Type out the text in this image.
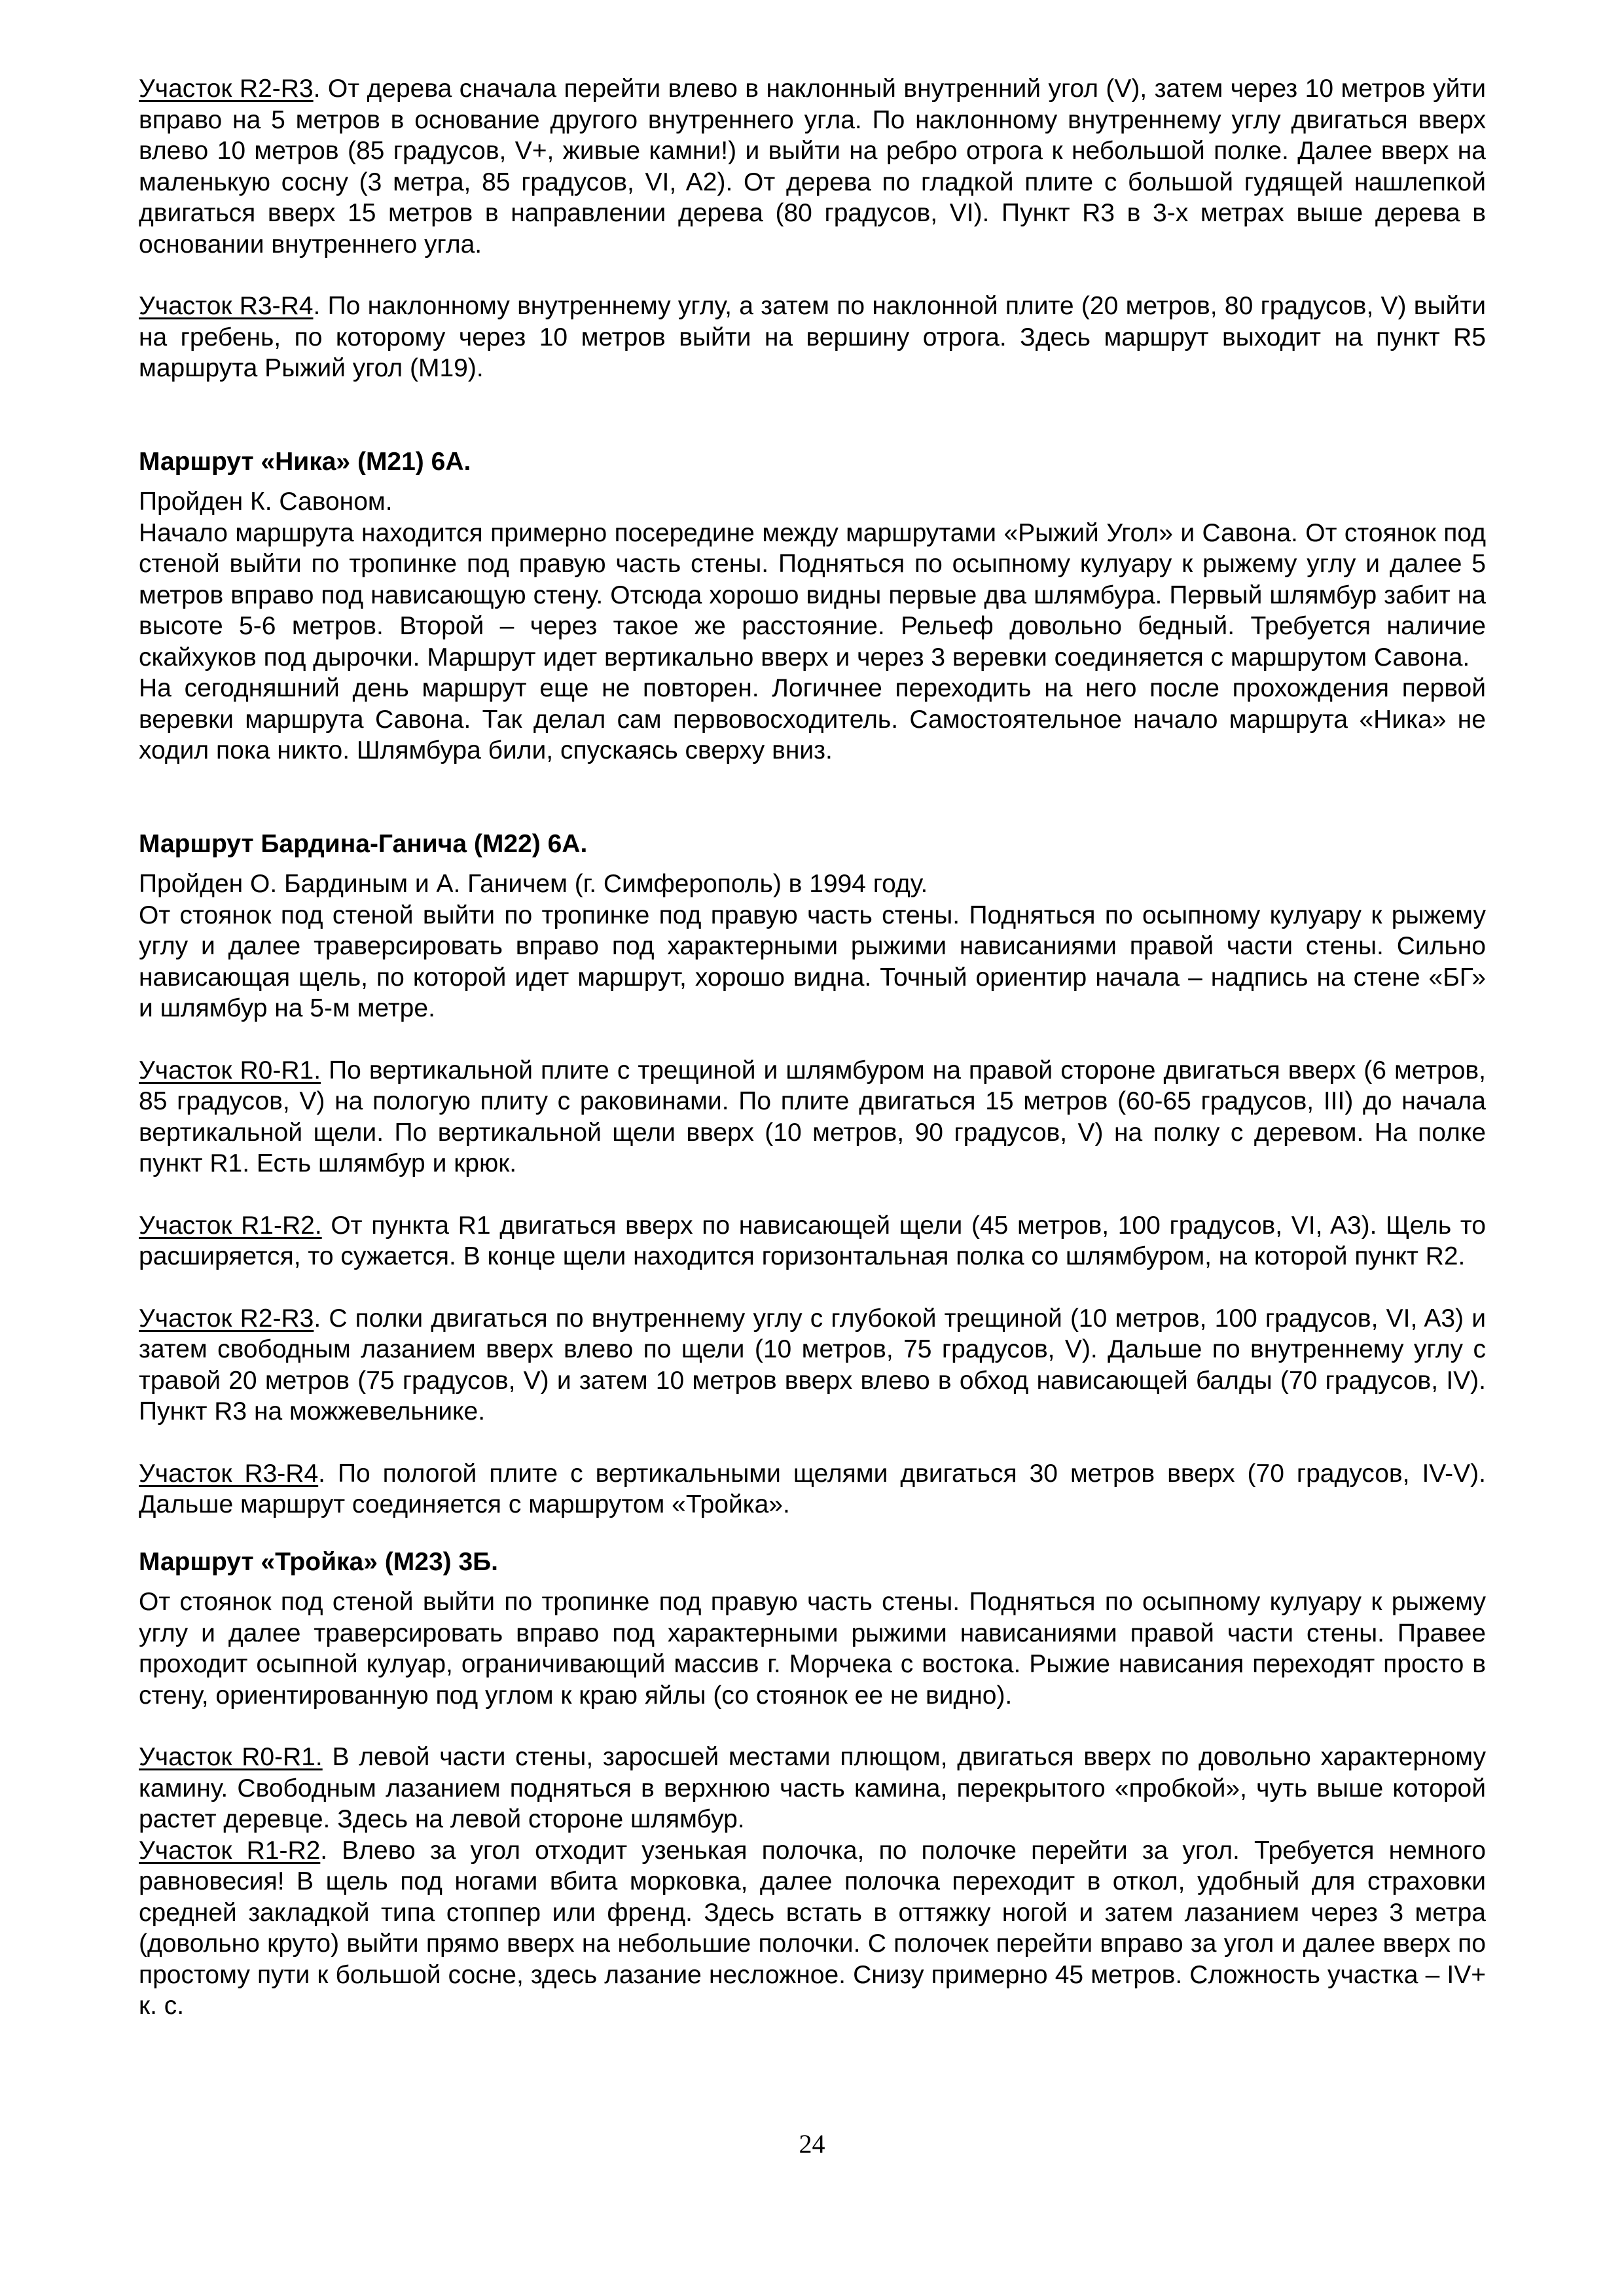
Участок R2-R3. От дерева сначала перейти влево в наклонный внутренний угол (V), затем через 10 метров уйти вправо на 5 метров в основание другого внутреннего угла. По наклонному внутреннему углу двигаться вверх влево 10 метров (85 градусов, V+, живые камни!) и выйти на ребро отрога к небольшой полке. Далее вверх на маленькую сосну (3 метра, 85 градусов, VI, A2). От дерева по гладкой плите с большой гудящей нашлепкой двигаться вверх 15 метров в направлении дерева (80 градусов, VI). Пункт R3 в 3-х метрах выше дерева в основании внутреннего угла.

Участок R3-R4. По наклонному внутреннему углу, а затем по наклонной плите (20 метров, 80 градусов, V) выйти на гребень, по которому через 10 метров выйти на вершину отрога. Здесь маршрут выходит на пункт R5 маршрута Рыжий угол (М19).

Маршрут «Ника» (М21) 6А.

Пройден К. Савоном.

Начало маршрута находится примерно посередине между маршрутами «Рыжий Угол» и Савона. От стоянок под стеной выйти по тропинке под правую часть стены. Подняться по осыпному кулуару к рыжему углу и далее 5 метров вправо под нависающую стену. Отсюда хорошо видны первые два шлямбура. Первый шлямбур забит на высоте 5-6 метров. Второй – через такое же расстояние. Рельеф довольно бедный. Требуется наличие скайхуков под дырочки. Маршрут идет вертикально вверх и через 3 веревки соединяется с маршрутом Савона.

На сегодняшний день маршрут еще не повторен. Логичнее переходить на него после прохождения первой веревки маршрута Савона. Так делал сам первовосходитель. Самостоятельное начало маршрута «Ника» не ходил пока никто. Шлямбура били, спускаясь сверху вниз.

Маршрут Бардина-Ганича (М22) 6А.

Пройден О. Бардиным и А. Ганичем (г. Симферополь) в 1994 году.

От стоянок под стеной выйти по тропинке под правую часть стены. Подняться по осыпному кулуару к рыжему углу и далее траверсировать вправо под характерными рыжими нависаниями правой части стены. Сильно нависающая щель, по которой идет маршрут, хорошо видна. Точный ориентир начала – надпись на стене «БГ» и шлямбур на 5-м метре.

Участок R0-R1. По вертикальной плите с трещиной и шлямбуром на правой стороне двигаться вверх (6 метров, 85 градусов, V) на пологую плиту с раковинами. По плите двигаться 15 метров (60-65 градусов, III) до начала вертикальной щели. По вертикальной щели вверх (10 метров, 90 градусов, V) на полку с деревом. На полке пункт R1. Есть шлямбур и крюк.

Участок R1-R2. От пункта R1 двигаться вверх по нависающей щели (45 метров, 100 градусов, VI, A3). Щель то расширяется, то сужается. В конце щели находится горизонтальная полка со шлямбуром, на которой пункт R2.

Участок R2-R3. С полки двигаться по внутреннему углу с глубокой трещиной (10 метров, 100 градусов, VI, A3) и затем свободным лазанием вверх влево по щели (10 метров, 75 градусов, V). Дальше по внутреннему углу с травой 20 метров (75 градусов, V) и затем 10 метров вверх влево в обход нависающей балды (70 градусов, IV). Пункт R3 на можжевельнике.

Участок R3-R4. По пологой плите с вертикальными щелями двигаться 30 метров вверх (70 градусов, IV-V). Дальше маршрут соединяется с маршрутом «Тройка».

Маршрут «Тройка» (М23) 3Б.

От стоянок под стеной выйти по тропинке под правую часть стены. Подняться по осыпному кулуару к рыжему углу и далее траверсировать вправо под характерными рыжими нависаниями правой части стены. Правее проходит осыпной кулуар, ограничивающий массив г. Морчека с востока. Рыжие нависания переходят просто в стену, ориентированную под углом к краю яйлы (со стоянок ее не видно).

Участок R0-R1. В левой части стены, заросшей местами плющом, двигаться вверх по довольно характерному камину. Свободным лазанием подняться в верхнюю часть камина, перекрытого «пробкой», чуть выше которой растет деревце. Здесь на левой стороне шлямбур.

Участок R1-R2. Влево за угол отходит узенькая полочка, по полочке перейти за угол. Требуется немного равновесия! В щель под ногами вбита морковка, далее полочка переходит в откол, удобный для страховки средней закладкой типа стоппер или френд. Здесь встать в оттяжку ногой и затем лазанием через 3 метра (довольно круто) выйти прямо вверх на небольшие полочки. С полочек перейти вправо за угол и далее вверх по простому пути к большой сосне, здесь лазание несложное. Снизу примерно 45 метров. Сложность участка – IV+ к. с.

24
